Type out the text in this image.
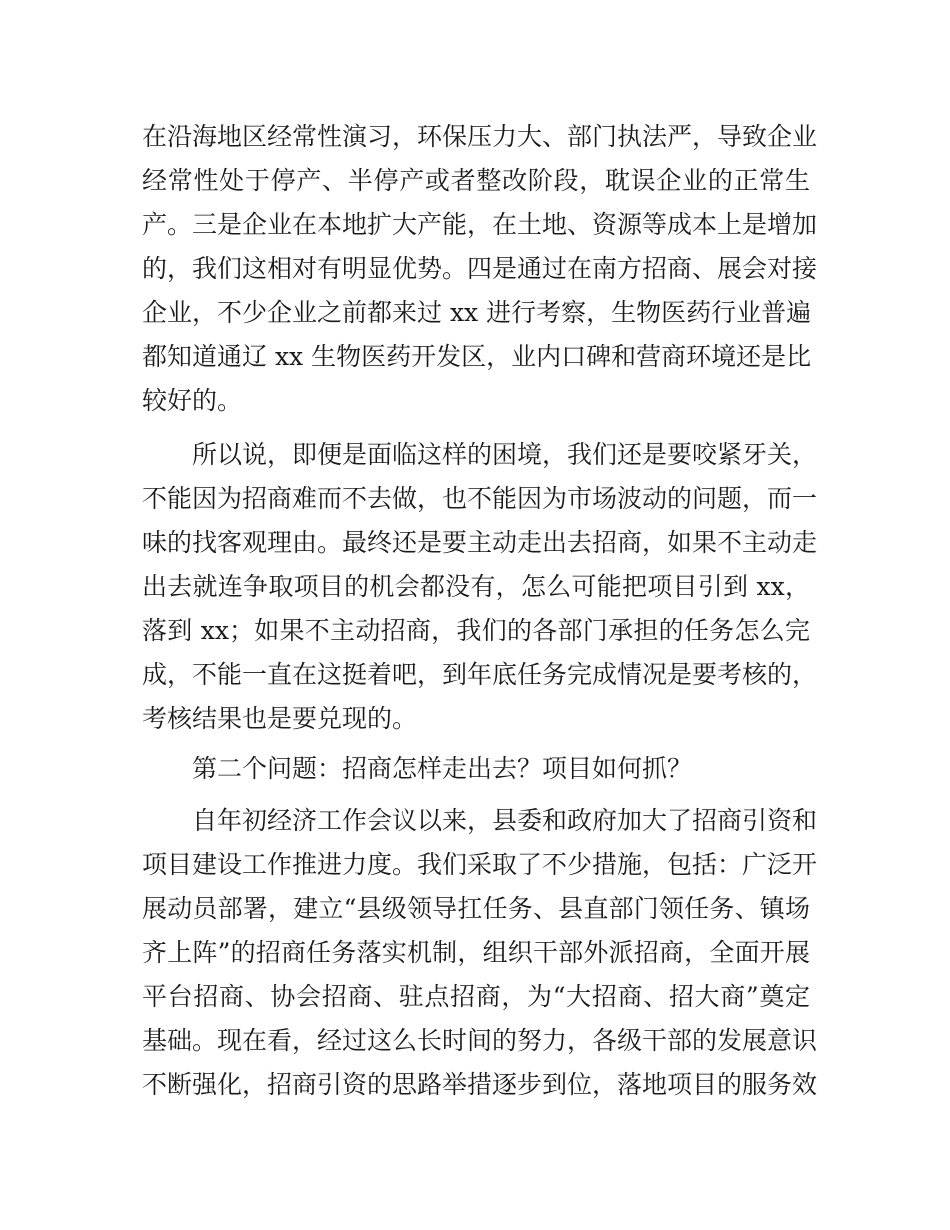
在沿海地区经常性演习，环保压力大、部门执法严，导致企业
经常性处于停产、半停产或者整改阶段，耽误企业的正常生
产。三是企业在本地扩大产能，在土地、资源等成本上是增加
的，我们这相对有明显优势。四是通过在南方招商、展会对接
企业，不少企业之前都来过 xx 进行考察，生物医药行业普遍
都知道通辽 xx 生物医药开发区，业内口碑和营商环境还是比
较好的。
所以说，即便是面临这样的困境，我们还是要咬紧牙关，
不能因为招商难而不去做，也不能因为市场波动的问题，而一
味的找客观理由。最终还是要主动走出去招商，如果不主动走
出去就连争取项目的机会都没有，怎么可能把项目引到 xx，
落到 xx；如果不主动招商，我们的各部门承担的任务怎么完
成，不能一直在这挺着吧，到年底任务完成情况是要考核的，
考核结果也是要兑现的。
第二个问题：招商怎样走出去？项目如何抓？
自年初经济工作会议以来，县委和政府加大了招商引资和
项目建设工作推进力度。我们采取了不少措施，包括：广泛开
展动员部署，建立“县级领导扛任务、县直部门领任务、镇场
齐上阵”的招商任务落实机制，组织干部外派招商，全面开展
平台招商、协会招商、驻点招商，为“大招商、招大商”奠定
基础。现在看，经过这么长时间的努力，各级干部的发展意识
不断强化，招商引资的思路举措逐步到位，落地项目的服务效
